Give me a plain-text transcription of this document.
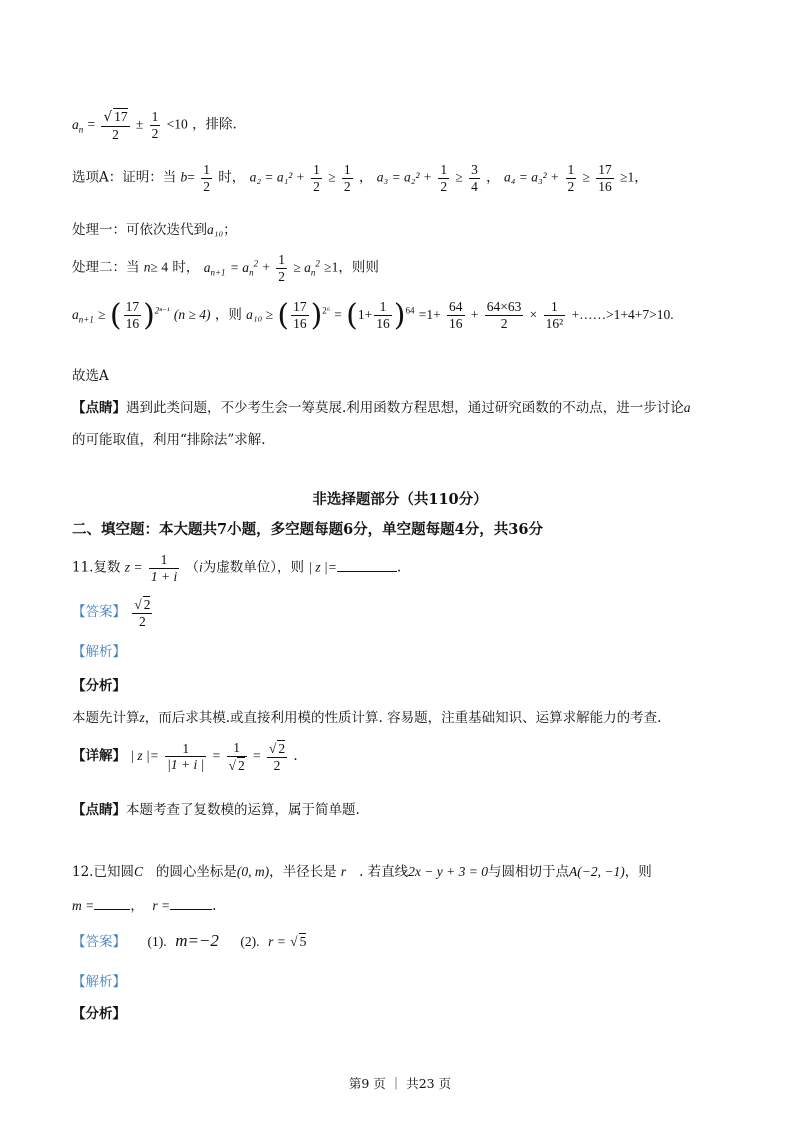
$a_n = \frac{√ 17}{2} \pm \frac{1}{2} <10$ ，排除.
选项A：证明：当 $b= \frac{1}{2}$ 时， $a_2 = a_1^2 + \frac{1}{2} \ge \frac{1}{2}$ ， $a_3 = a_2^2 + \frac{1}{2} \ge \frac{3}{4}$ ， $a_4 = a_3^2 + \frac{1}{2} \ge \frac{17}{16} \ge 1$，
处理一：可依次迭代到a₁₀；
处理二：当 n≥ 4 时， $a_{n+1} = a_n^2 + \frac{1}{2} \ge a_n^2 \ge 1$，则则
$a_{n+1}$ ≥ ( $\frac{17}{16} )^{2^{n-1}}$ (n ≥ 4) ，则 a₁₀ ≥ ( $\frac{17}{16} )^{2^6} = (1+ \frac{1}{16} )^{64} =1+ \frac{64}{16} + \frac{64\times 63}{2} \times \frac{1}{\text{16²}}$ +……>1+4+7>10.
故选A
【点睛】遇到此类问题，不少考生会一筹莫展.利用函数方程思想，通过研究函数的不动点，进一步讨论a
的可能取值，利用“排除法”求解.
非选择题部分（共110分）
二、填空题：本大题共7小题，多空题每题6分，单空题每题4分，共36分
11.复数 $z = \frac{1}{1 + i} (i$为虚数单位），则 | z |=	.
【答案】 $\frac{√ 2}{2}$
【解析】
【分析】
本题先计算z，而后求其模.或直接利用模的性质计算. 容易题，注重基础知识、运算求解能力的考查.
【详解】 | z |= $\frac{1}{|1 + i |} = \frac{1}{√ 2} = \frac{√ 2}{2}$ .
【点睛】本题考查了复数模的运算，属于简单题.
12.已知圆C 的圆心坐标是(0, m)，半径长是 r . 若直线2x − y + 3 = 0与圆相切于点A(−2, −1)，则
m =	， r =	.
【答案】 (1). m=−2 (2). r = √ 5
【解析】
【分析】
第9 页 ｜ 共23 页
